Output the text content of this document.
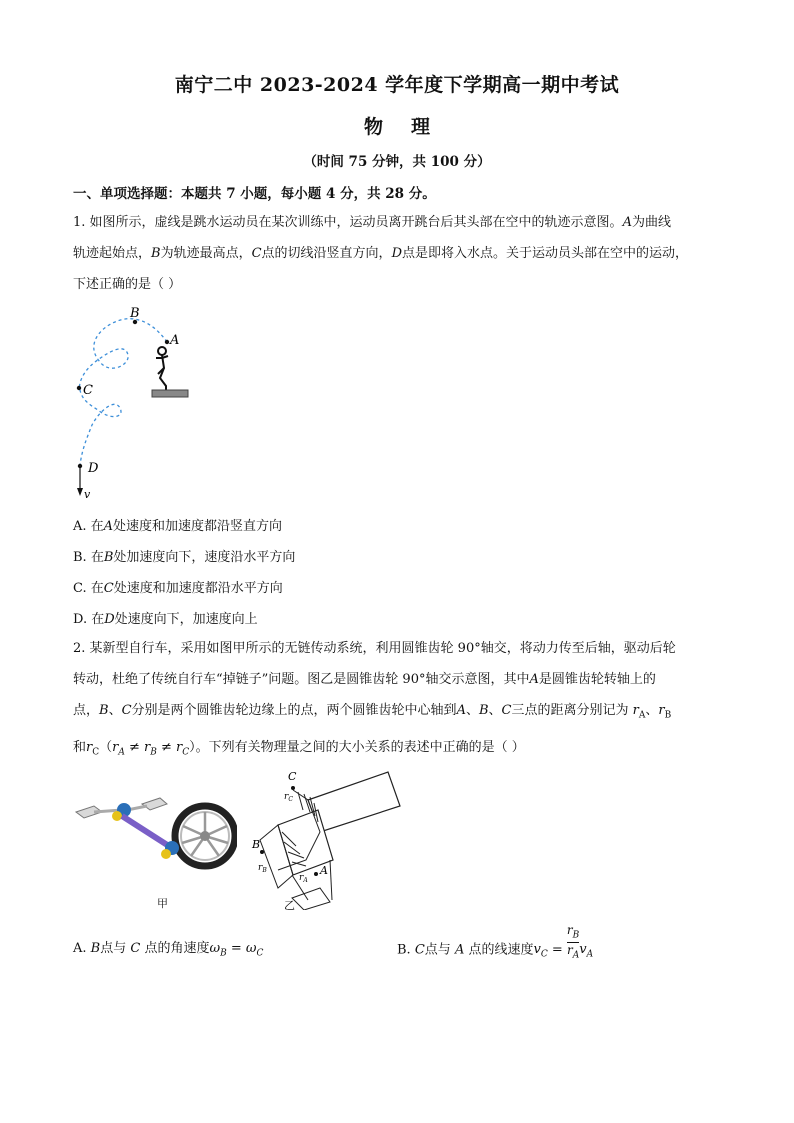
南宁二中 2023-2024 学年度下学期高一期中考试
物 理
（时间 75 分钟，共 100 分）
一、单项选择题：本题共 7 小题，每小题 4 分，共 28 分。
1. 如图所示，虚线是跳水运动员在某次训练中，运动员离开跳台后其头部在空中的轨迹示意图。A为曲线
轨迹起始点，B为轨迹最高点，C点的切线沿竖直方向，D点是即将入水点。关于运动员头部在空中的运动，
下述正确的是（ ）
A
B
C
D
v
A. 在A处速度和加速度都沿竖直方向
B. 在B处加速度向下，速度沿水平方向
C. 在C处速度和加速度都沿水平方向
D. 在D处速度向下，加速度向上
2. 某新型自行车，采用如图甲所示的无链传动系统，利用圆锥齿轮 90°轴交，将动力传至后轴，驱动后轮
转动，杜绝了传统自行车“掉链子”问题。图乙是圆锥齿轮 90°轴交示意图，其中A是圆锥齿轮转轴上的
点，B、C分别是两个圆锥齿轮边缘上的点，两个圆锥齿轮中心轴到A、B、C三点的距离分别记为 $r_A$、$r_B$
和$r_C(r_A \ne r_B \ne r_C)$。下列有关物理量之间的大小关系的表述中正确的是（ ）
甲
C
B
A
$r_C$
$r_B$
$r_A$
乙
A. B点与 C 点的角速度$\omega_B = \omega_C$	B. C点与 A 点的线速度$v_C = \frac{r_B}{r_A} v_A$
